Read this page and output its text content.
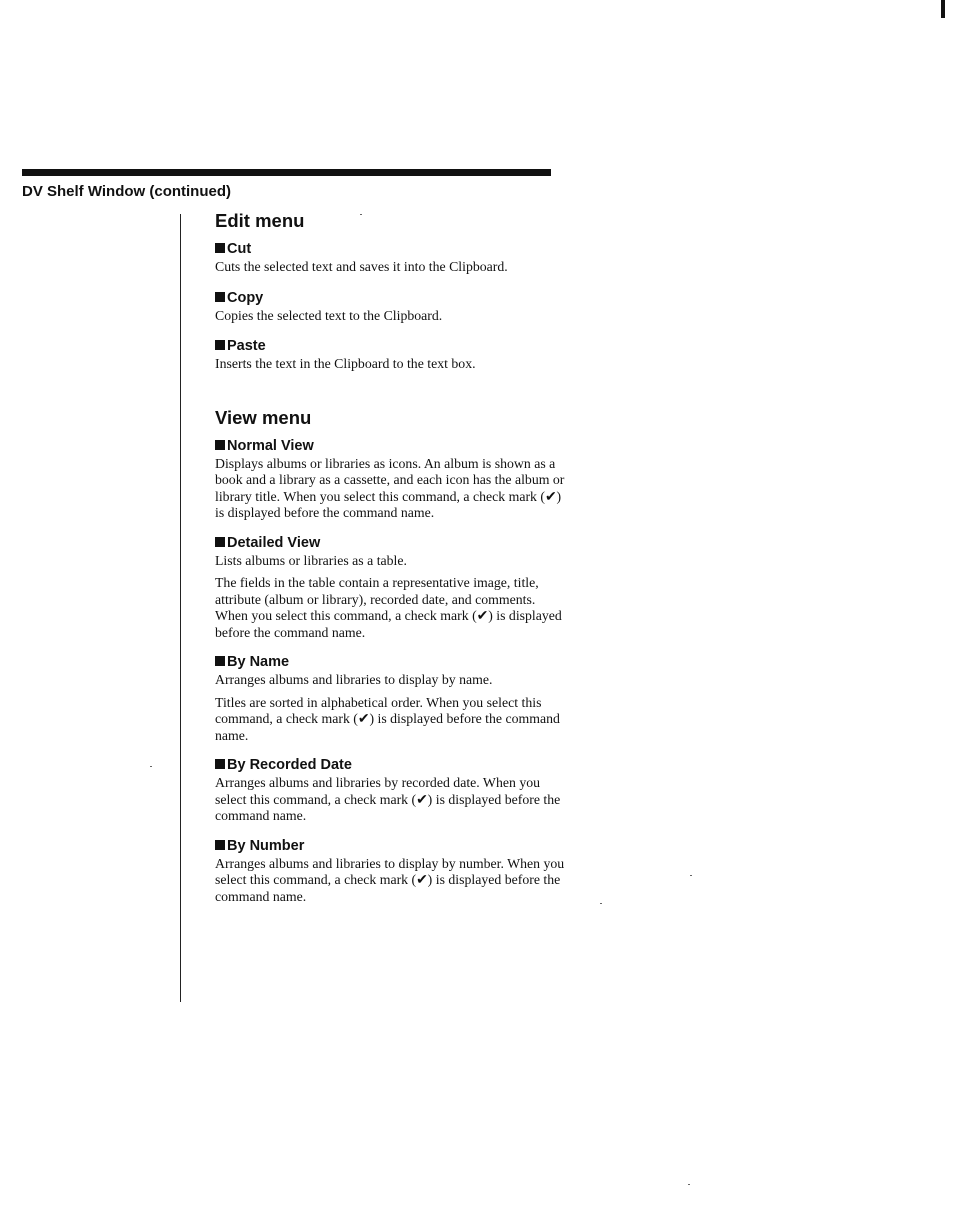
DV Shelf Window (continued)
Edit menu
Cut

Cuts the selected text and saves it into the Clipboard.

Copy

Copies the selected text to the Clipboard.

Paste

Inserts the text in the Clipboard to the text box.

View menu
Normal View

Displays albums or libraries as icons. An album is shown as a book and a library as a cassette, and each icon has the album or library title. When you select this command, a check mark (✔) is displayed before the command name.

Detailed View

Lists albums or libraries as a table.

The fields in the table contain a representative image, title, attribute (album or library), recorded date, and comments. When you select this command, a check mark (✔) is displayed before the command name.

By Name

Arranges albums and libraries to display by name.

Titles are sorted in alphabetical order. When you select this command, a check mark (✔) is displayed before the command name.

By Recorded Date

Arranges albums and libraries by recorded date. When you select this command, a check mark (✔) is displayed before the command name.

By Number

Arranges albums and libraries to display by number. When you select this command, a check mark (✔) is displayed before the command name.
